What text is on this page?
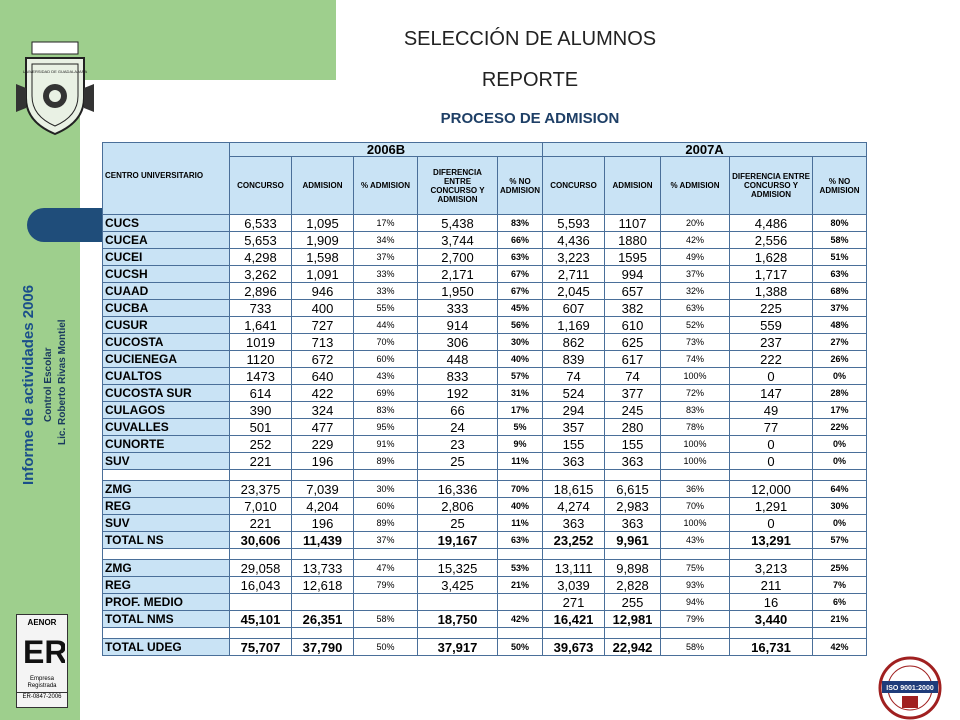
UNIVERSIDAD DE GUADALAJARA
Informe de actividades 2006 Control Escolar Lic. Roberto Rivas Montiel
AENOR
ER
Empresa
Registrada
ER-0847-2006
ISO 9001:2000
SELECCIÓN DE ALUMNOS
REPORTE
PROCESO DE ADMISION
CENTRO UNIVERSITARIO	2006B					2007A				
	CONCURSO	ADMISION	% ADMISION	DIFERENCIA ENTRE CONCURSO Y ADMISION	% NO ADMISION	CONCURSO	ADMISION	% ADMISION	DIFERENCIA ENTRE CONCURSO Y ADMISION	% NO ADMISION
CUCS	6,533	1,095	17%	5,438	83%	5,593	1107	20%	4,486	80%
CUCEA	5,653	1,909	34%	3,744	66%	4,436	1880	42%	2,556	58%
CUCEI	4,298	1,598	37%	2,700	63%	3,223	1595	49%	1,628	51%
CUCSH	3,262	1,091	33%	2,171	67%	2,711	994	37%	1,717	63%
CUAAD	2,896	946	33%	1,950	67%	2,045	657	32%	1,388	68%
CUCBA	733	400	55%	333	45%	607	382	63%	225	37%
CUSUR	1,641	727	44%	914	56%	1,169	610	52%	559	48%
CUCOSTA	1019	713	70%	306	30%	862	625	73%	237	27%
CUCIENEGA	1120	672	60%	448	40%	839	617	74%	222	26%
CUALTOS	1473	640	43%	833	57%	74	74	100%	0	0%
CUCOSTA SUR	614	422	69%	192	31%	524	377	72%	147	28%
CULAGOS	390	324	83%	66	17%	294	245	83%	49	17%
CUVALLES	501	477	95%	24	5%	357	280	78%	77	22%
CUNORTE	252	229	91%	23	9%	155	155	100%	0	0%
SUV	221	196	89%	25	11%	363	363	100%	0	0%

ZMG	23,375	7,039	30%	16,336	70%	18,615	6,615	36%	12,000	64%
REG	7,010	4,204	60%	2,806	40%	4,274	2,983	70%	1,291	30%
SUV	221	196	89%	25	11%	363	363	100%	0	0%
TOTAL NS	30,606	11,439	37%	19,167	63%	23,252	9,961	43%	13,291	57%

ZMG	29,058	13,733	47%	15,325	53%	13,111	9,898	75%	3,213	25%
REG	16,043	12,618	79%	3,425	21%	3,039	2,828	93%	211	7%
PROF. MEDIO						271	255	94%	16	6%
TOTAL NMS	45,101	26,351	58%	18,750	42%	16,421	12,981	79%	3,440	21%

TOTAL UDEG	75,707	37,790	50%	37,917	50%	39,673	22,942	58%	16,731	42%
